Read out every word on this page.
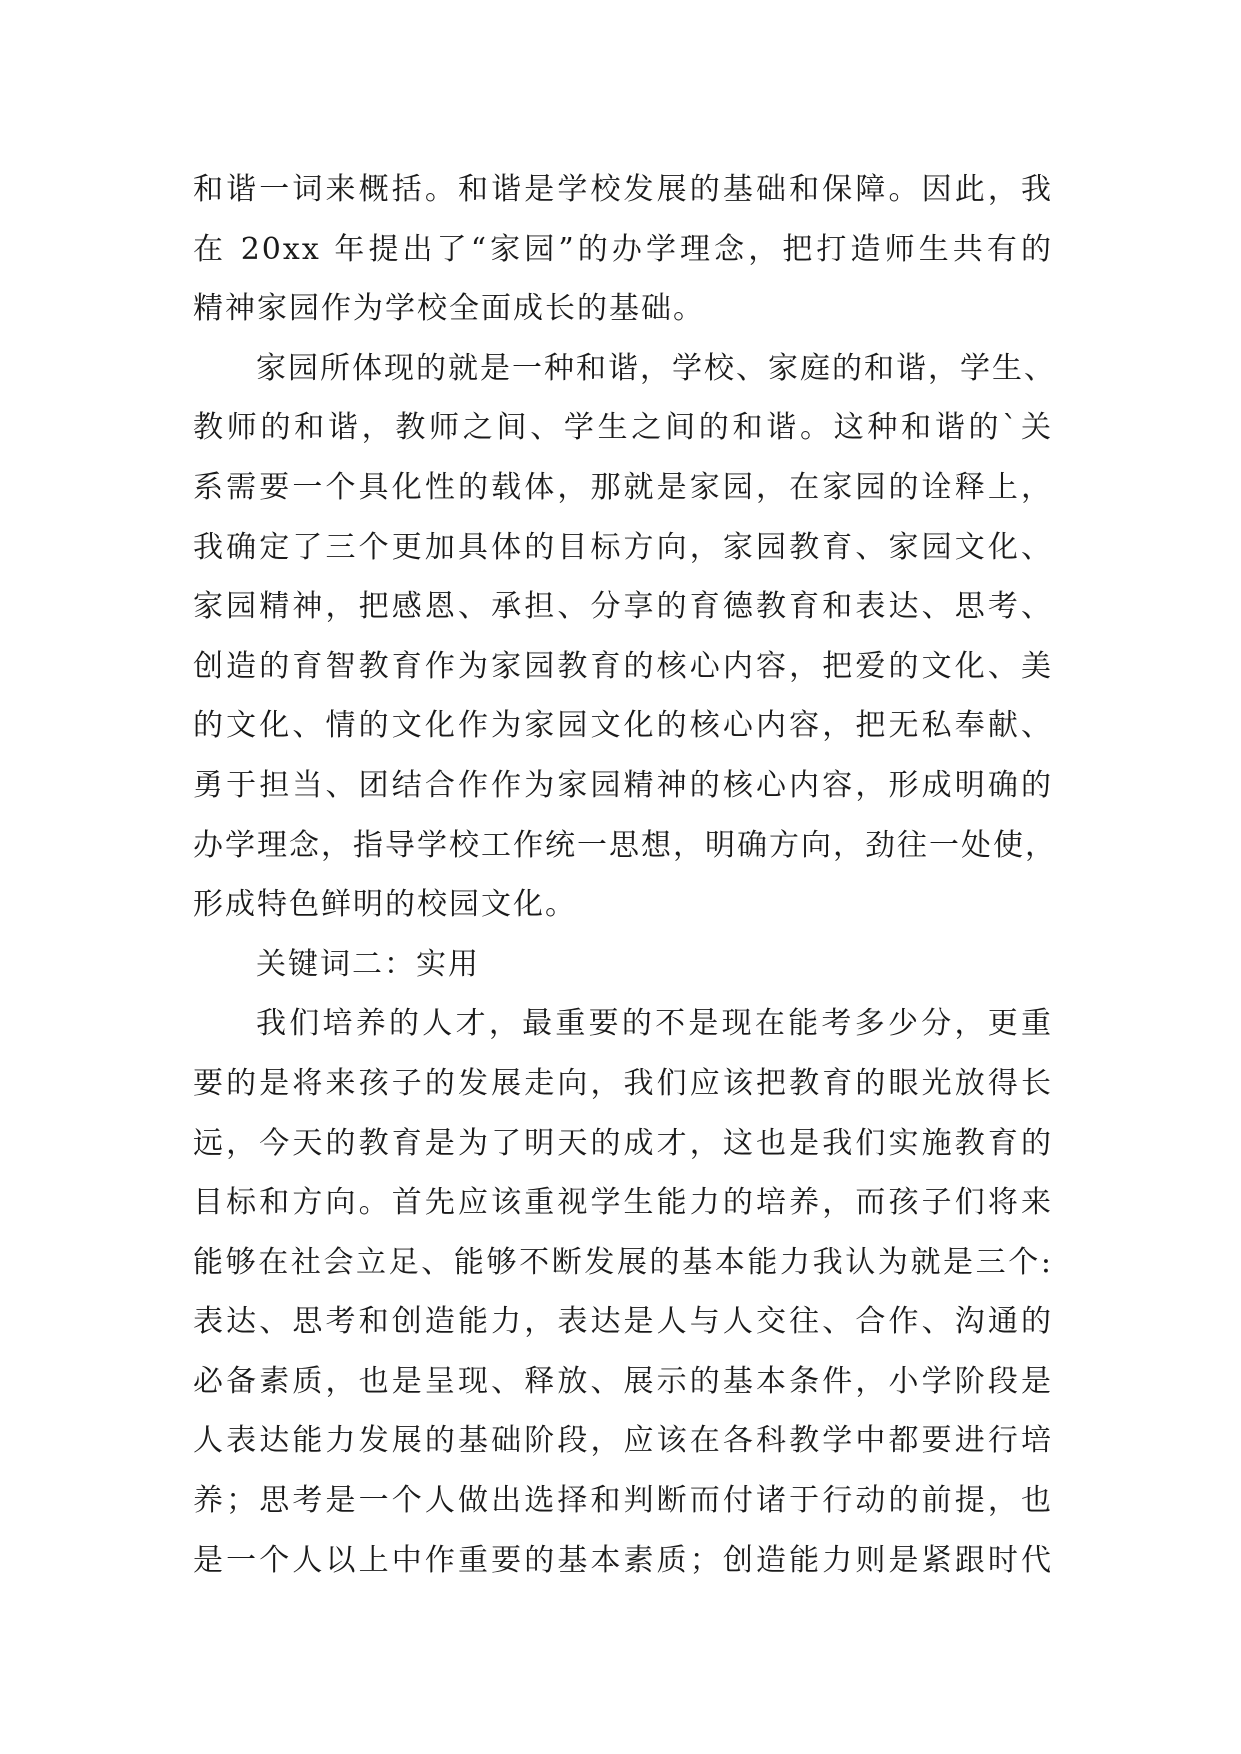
和谐一词来概括。和谐是学校发展的基础和保障。因此，我
在 20xx 年提出了“家园”的办学理念，把打造师生共有的
精神家园作为学校全面成长的基础。
家园所体现的就是一种和谐，学校、家庭的和谐，学生、
教师的和谐，教师之间、学生之间的和谐。这种和谐的`关
系需要一个具化性的载体，那就是家园，在家园的诠释上，
我确定了三个更加具体的目标方向，家园教育、家园文化、
家园精神，把感恩、承担、分享的育德教育和表达、思考、
创造的育智教育作为家园教育的核心内容，把爱的文化、美
的文化、情的文化作为家园文化的核心内容，把无私奉献、
勇于担当、团结合作作为家园精神的核心内容，形成明确的
办学理念，指导学校工作统一思想，明确方向，劲往一处使，
形成特色鲜明的校园文化。
关键词二：实用
我们培养的人才，最重要的不是现在能考多少分，更重
要的是将来孩子的发展走向，我们应该把教育的眼光放得长
远，今天的教育是为了明天的成才，这也是我们实施教育的
目标和方向。首先应该重视学生能力的培养，而孩子们将来
能够在社会立足、能够不断发展的基本能力我认为就是三个:
表达、思考和创造能力，表达是人与人交往、合作、沟通的
必备素质，也是呈现、释放、展示的基本条件，小学阶段是
人表达能力发展的基础阶段，应该在各科教学中都要进行培
养；思考是一个人做出选择和判断而付诸于行动的前提，也
是一个人以上中作重要的基本素质；创造能力则是紧跟时代
